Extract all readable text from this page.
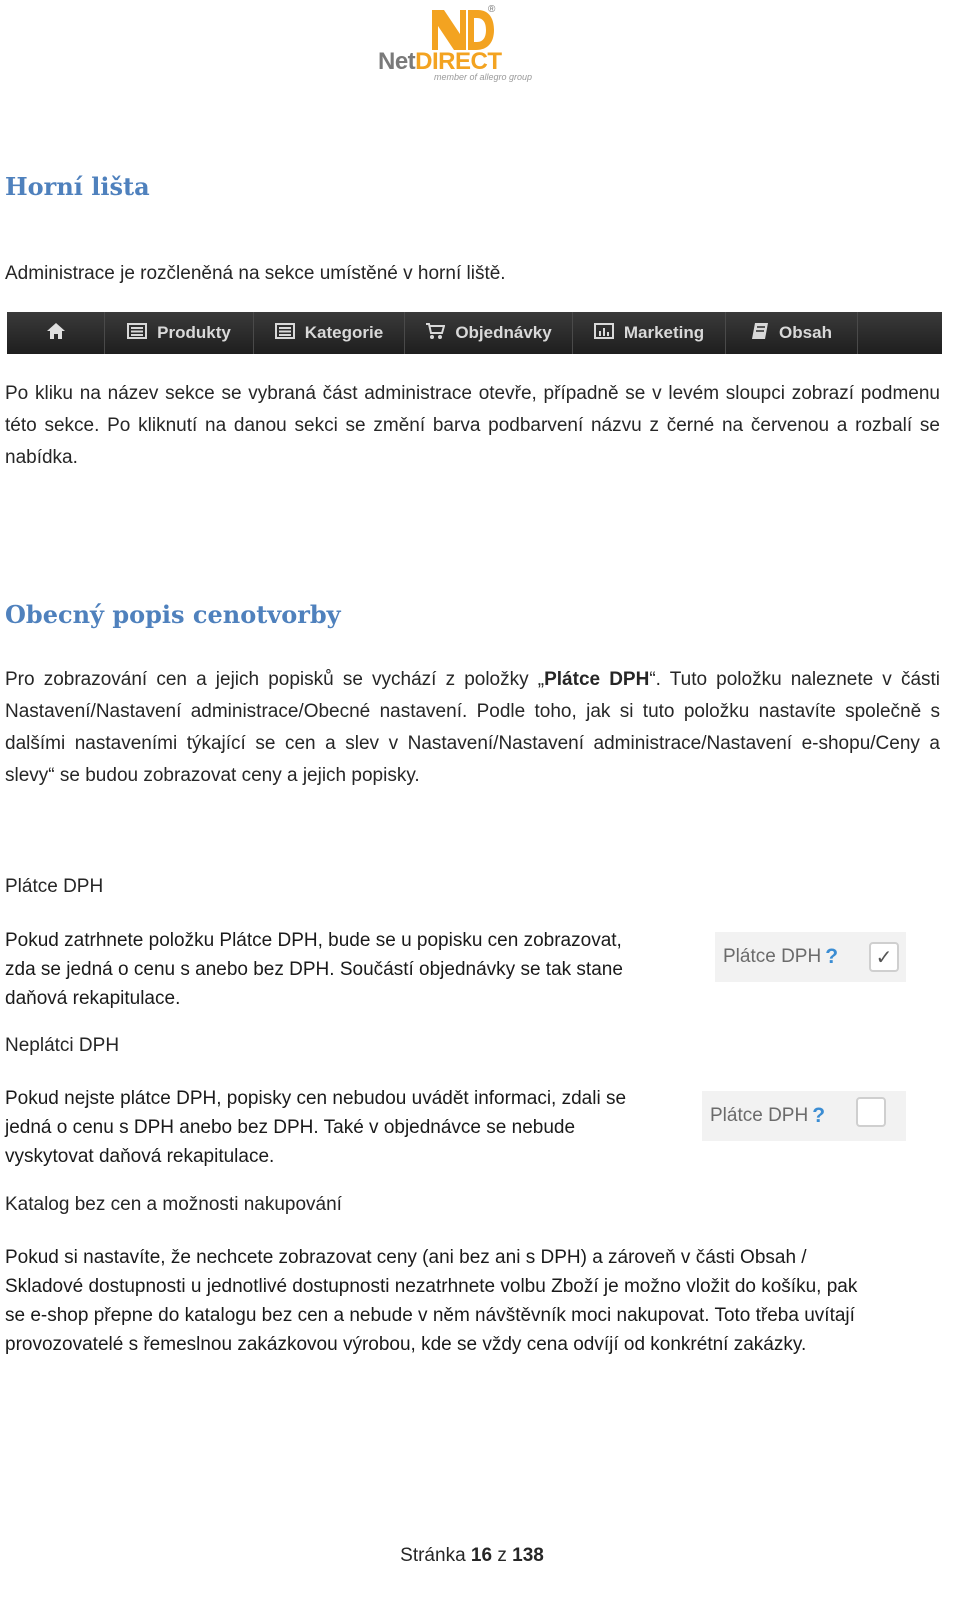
®
NetDIRECT
member of allegro group
Horní lišta
Administrace je rozčleněná na sekce umístěné v horní liště.
Produkty	Kategorie	Objednávky	Marketing	Obsah
Po kliku na název sekce se vybraná část administrace otevře, případně se v levém sloupci zobrazí podmenu této sekce. Po kliknutí na danou sekci se změní barva podbarvení názvu z černé na červenou a rozbalí se nabídka.
Obecný popis cenotvorby
Pro zobrazování cen a jejich popisků se vychází z položky „Plátce DPH“. Tuto položku naleznete v části Nastavení/Nastavení administrace/Obecné nastavení. Podle toho, jak si tuto položku nastavíte společně s dalšími nastaveními týkající se cen a slev v Nastavení/Nastavení administrace/Nastavení e-shopu/Ceny a slevy“ se budou zobrazovat ceny a jejich popisky.
Plátce DPH
Pokud zatrhnete položku Plátce DPH, bude se u popisku cen zobrazovat,
zda se jedná o cenu s anebo bez DPH. Součástí objednávky se tak stane
daňová rekapitulace.
Plátce DPH ? ✓
Neplátci DPH
Pokud nejste plátce DPH, popisky cen nebudou uvádět informaci, zdali se
jedná o cenu s DPH anebo bez DPH. Také v objednávce se nebude
vyskytovat daňová rekapitulace.
Plátce DPH ?
Katalog bez cen a možnosti nakupování
Pokud si nastavíte, že nechcete zobrazovat ceny (ani bez ani s DPH) a zároveň v části Obsah /
Skladové dostupnosti u jednotlivé dostupnosti nezatrhnete volbu Zboží je možno vložit do košíku, pak
se e-shop přepne do katalogu bez cen a nebude v něm návštěvník moci nakupovat. Toto třeba uvítají
provozovatelé s řemeslnou zakázkovou výrobou, kde se vždy cena odvíjí od konkrétní zakázky.
Stránka 16 z 138
